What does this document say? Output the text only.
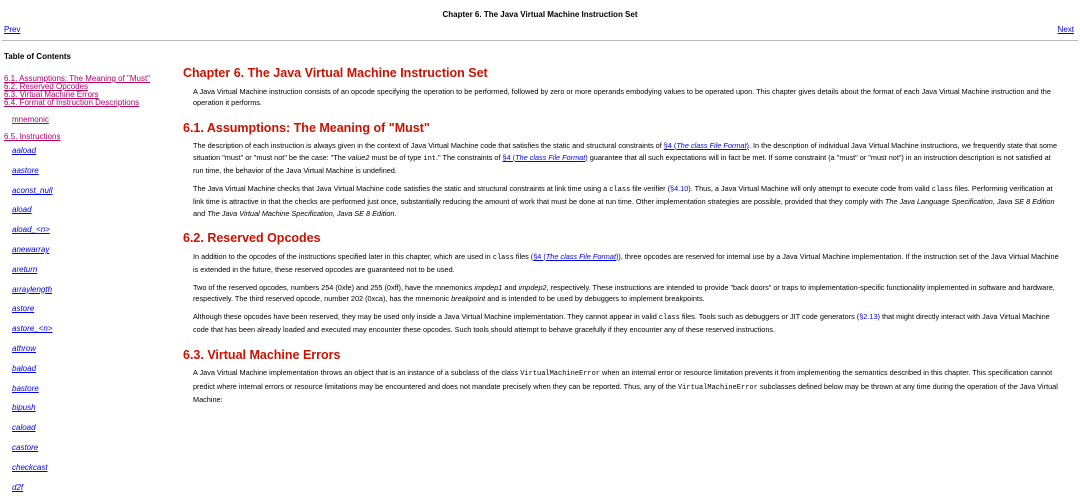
Chapter 6. The Java Virtual Machine Instruction Set
Prev	Next
Table of Contents
6.1. Assumptions: The Meaning of "Must"
6.2. Reserved Opcodes
6.3. Virtual Machine Errors
6.4. Format of Instruction Descriptions
mnemonic
6.5. Instructions
aaload
aastore
aconst_null
aload
aload_<n>
anewarray
areturn
arraylength
astore
astore_<n>
athrow
baload
bastore
bipush
caload
castore
checkcast
d2f
Chapter 6. The Java Virtual Machine Instruction Set

A Java Virtual Machine instruction consists of an opcode specifying the operation to be performed, followed by zero or more operands embodying values to be operated upon. This chapter gives details about the format of each Java Virtual Machine instruction and the operation it performs.

6.1. Assumptions: The Meaning of "Must"

The description of each instruction is always given in the context of Java Virtual Machine code that satisfies the static and structural constraints of §4 (The class File Format). In the description of individual Java Virtual Machine instructions, we frequently state that some situation "must" or "must not" be the case: "The value2 must be of type int." The constraints of §4 (The class File Format) guarantee that all such expectations will in fact be met. If some constraint (a "must" or "must not") in an instruction description is not satisfied at run time, the behavior of the Java Virtual Machine is undefined.

The Java Virtual Machine checks that Java Virtual Machine code satisfies the static and structural constraints at link time using a class file verifier (§4.10). Thus, a Java Virtual Machine will only attempt to execute code from valid class files. Performing verification at link time is attractive in that the checks are performed just once, substantially reducing the amount of work that must be done at run time. Other implementation strategies are possible, provided that they comply with The Java Language Specification, Java SE 8 Edition and The Java Virtual Machine Specification, Java SE 8 Edition.

6.2. Reserved Opcodes

In addition to the opcodes of the instructions specified later in this chapter, which are used in class files (§4 (The class File Format)), three opcodes are reserved for internal use by a Java Virtual Machine implementation. If the instruction set of the Java Virtual Machine is extended in the future, these reserved opcodes are guaranteed not to be used.

Two of the reserved opcodes, numbers 254 (0xfe) and 255 (0xff), have the mnemonics impdep1 and impdep2, respectively. These instructions are intended to provide "back doors" or traps to implementation-specific functionality implemented in software and hardware, respectively. The third reserved opcode, number 202 (0xca), has the mnemonic breakpoint and is intended to be used by debuggers to implement breakpoints.

Although these opcodes have been reserved, they may be used only inside a Java Virtual Machine implementation. They cannot appear in valid class files. Tools such as debuggers or JIT code generators (§2.13) that might directly interact with Java Virtual Machine code that has been already loaded and executed may encounter these opcodes. Such tools should attempt to behave gracefully if they encounter any of these reserved instructions.

6.3. Virtual Machine Errors

A Java Virtual Machine implementation throws an object that is an instance of a subclass of the class VirtualMachineError when an internal error or resource limitation prevents it from implementing the semantics described in this chapter. This specification cannot predict where internal errors or resource limitations may be encountered and does not mandate precisely when they can be reported. Thus, any of the VirtualMachineError subclasses defined below may be thrown at any time during the operation of the Java Virtual Machine:
